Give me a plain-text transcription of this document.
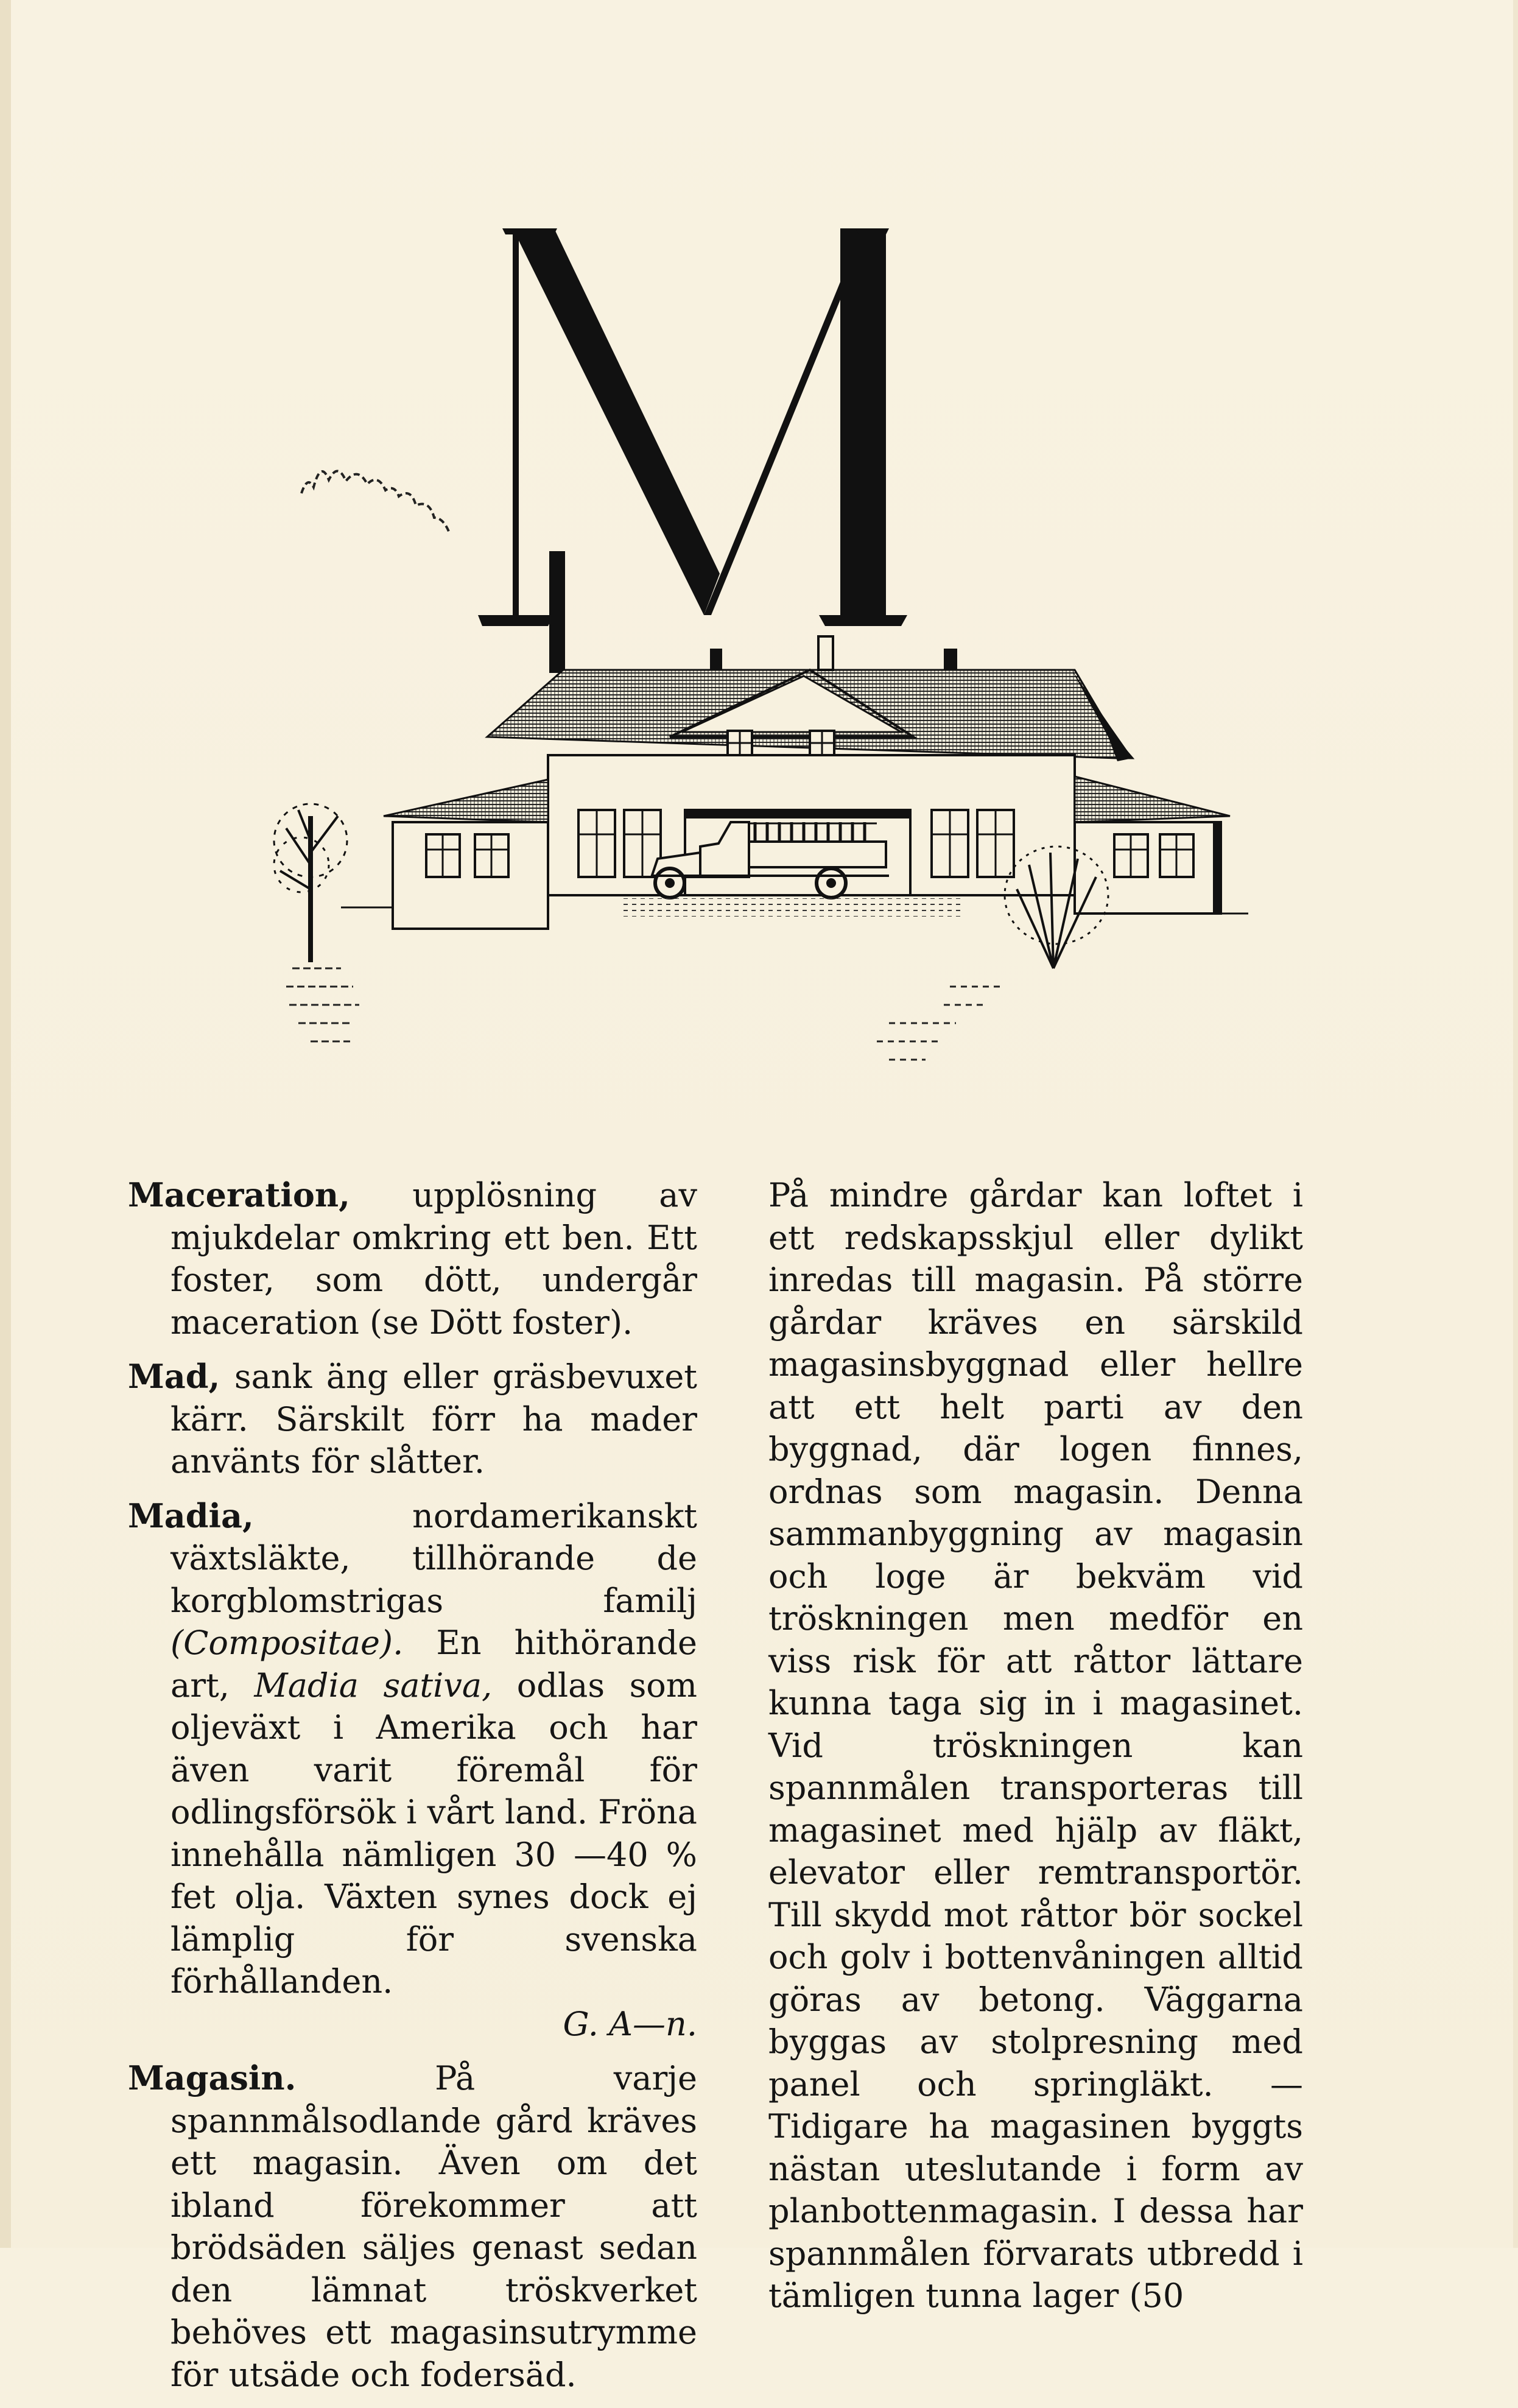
Maceration, upplösning av mjukdelar omkring ett ben. Ett foster, som dött, undergår maceration (se Dött foster).

Mad, sank äng eller gräsbevuxet kärr. Särskilt förr ha mader använts för slåtter.

Madia, nordamerikanskt växtsläkte, tillhörande de korgblomstrigas familj (Compositae). En hithörande art, Madia sativa, odlas som oljeväxt i Amerika och har även varit föremål för odlingsförsök i vårt land. Fröna innehålla nämligen 30 —40 % fet olja. Växten synes dock ej lämplig för svenska förhållanden.
G. A—n.

Magasin. På varje spannmålsodlande gård kräves ett magasin. Även om det ibland förekommer att brödsäden säljes genast sedan den lämnat tröskverket behöves ett magasinsutrymme för utsäde och fodersäd.

På mindre gårdar kan loftet i ett redskapsskjul eller dylikt inredas till magasin. På större gårdar kräves en särskild magasinsbyggnad eller hellre att ett helt parti av den byggnad, där logen finnes, ordnas som magasin. Denna sammanbyggning av magasin och loge är bekväm vid tröskningen men medför en viss risk för att råttor lättare kunna taga sig in i magasinet. Vid tröskningen kan spannmålen transporteras till magasinet med hjälp av fläkt, elevator eller remtransportör. Till skydd mot råttor bör sockel och golv i bottenvåningen alltid göras av betong. Väggarna byggas av stolpresning med panel och springläkt. — Tidigare ha magasinen byggts nästan uteslutande i form av planbottenmagasin. I dessa har spannmålen förvarats utbredd i tämligen tunna lager (50
